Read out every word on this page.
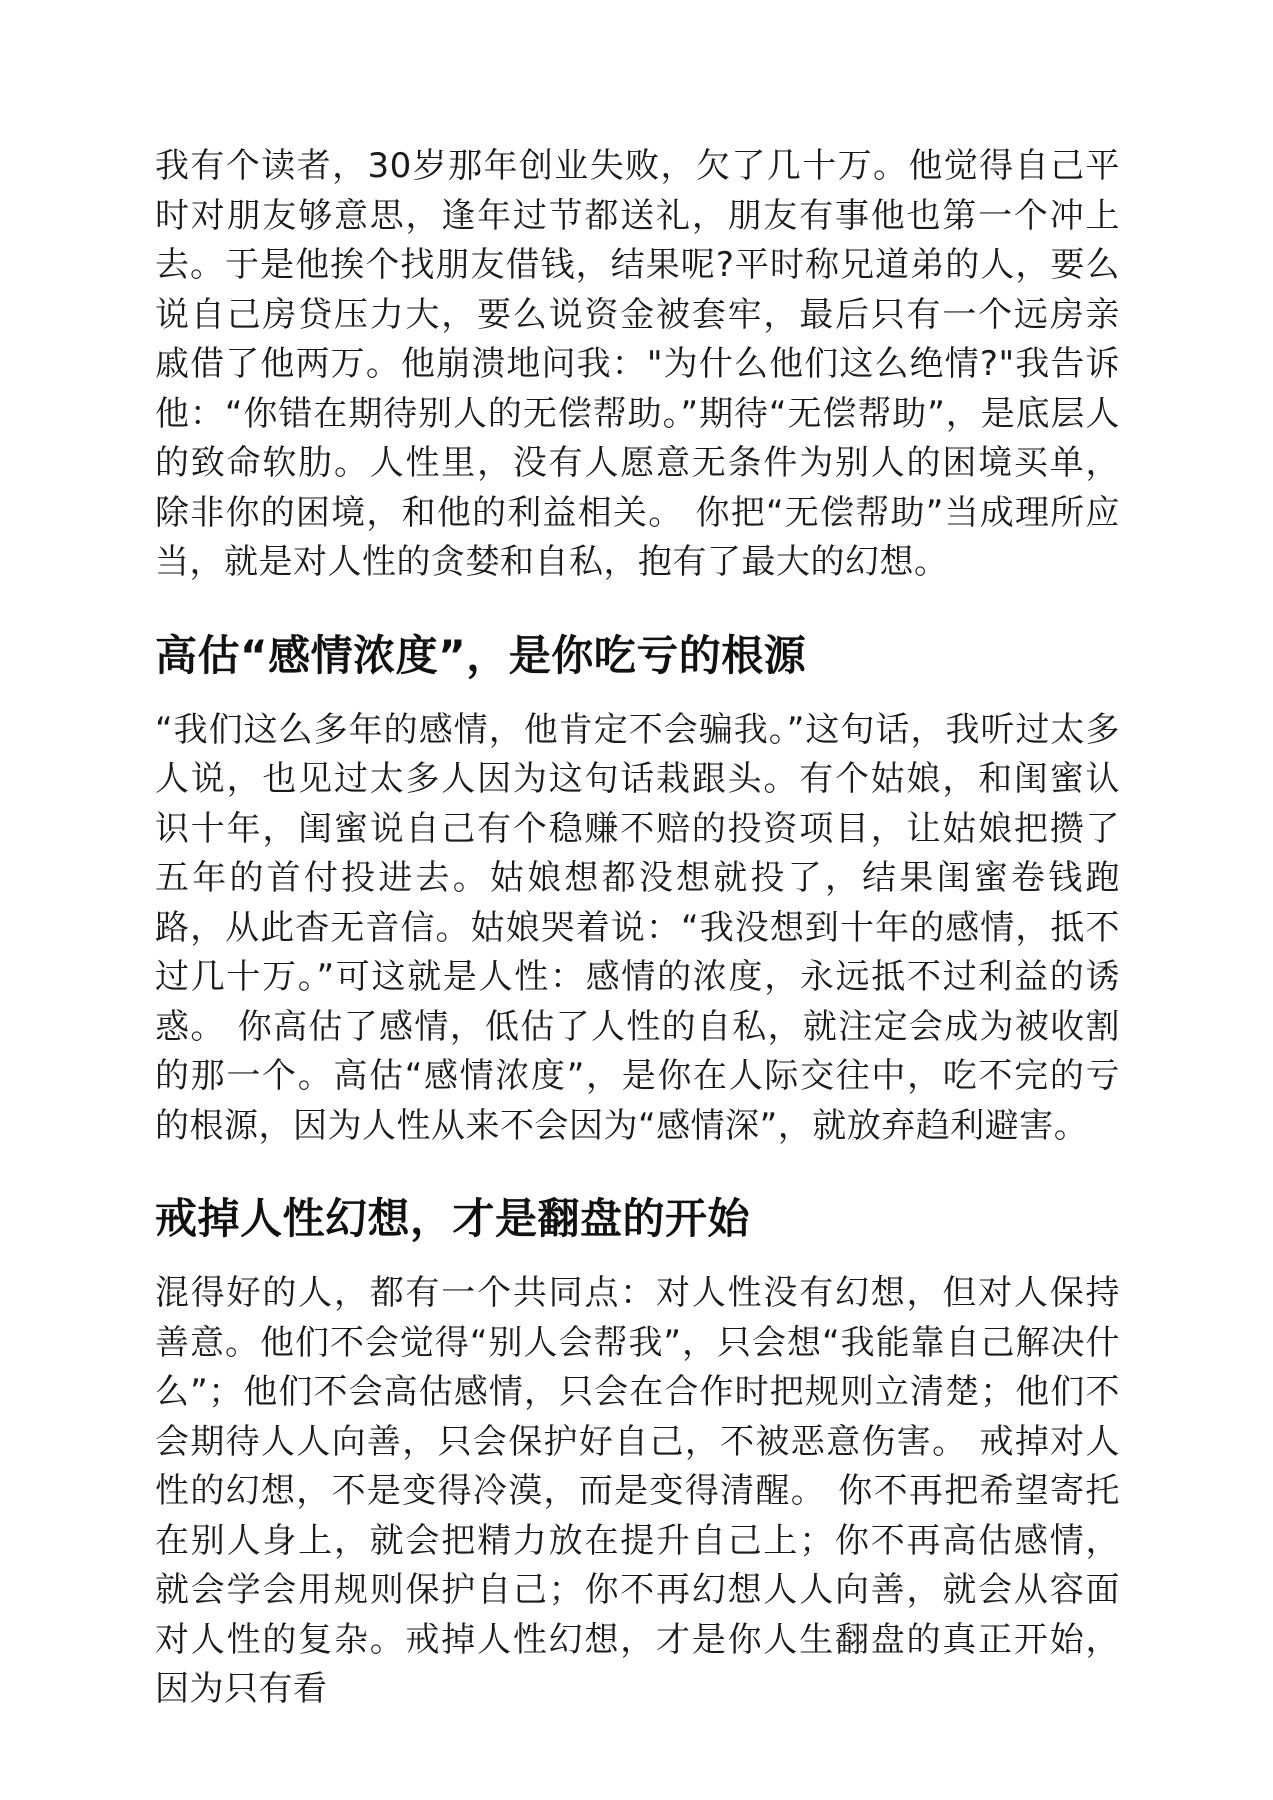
我有个读者，30岁那年创业失败，欠了几十万。他觉得自己平时对朋友够意思，逢年过节都送礼，朋友有事他也第一个冲上去。于是他挨个找朋友借钱，结果呢?平时称兄道弟的人，要么说自己房贷压力大，要么说资金被套牢，最后只有一个远房亲戚借了他两万。他崩溃地问我："为什么他们这么绝情?"我告诉他：“你错在期待别人的无偿帮助。”期待“无偿帮助”，是底层人的致命软肋。人性里，没有人愿意无条件为别人的困境买单，除非你的困境，和他的利益相关。 你把“无偿帮助”当成理所应当，就是对人性的贪婪和自私，抱有了最大的幻想。

高估“感情浓度”，是你吃亏的根源

“我们这么多年的感情，他肯定不会骗我。”这句话，我听过太多人说，也见过太多人因为这句话栽跟头。有个姑娘，和闺蜜认识十年，闺蜜说自己有个稳赚不赔的投资项目，让姑娘把攒了五年的首付投进去。姑娘想都没想就投了，结果闺蜜卷钱跑路，从此杳无音信。姑娘哭着说：“我没想到十年的感情，抵不过几十万。”可这就是人性：感情的浓度，永远抵不过利益的诱惑。 你高估了感情，低估了人性的自私，就注定会成为被收割的那一个。高估“感情浓度”，是你在人际交往中，吃不完的亏的根源，因为人性从来不会因为“感情深”，就放弃趋利避害。

戒掉人性幻想，才是翻盘的开始

混得好的人，都有一个共同点：对人性没有幻想，但对人保持善意。他们不会觉得“别人会帮我”，只会想“我能靠自己解决什么”；他们不会高估感情，只会在合作时把规则立清楚；他们不会期待人人向善，只会保护好自己，不被恶意伤害。 戒掉对人性的幻想，不是变得冷漠，而是变得清醒。 你不再把希望寄托在别人身上，就会把精力放在提升自己上；你不再高估感情，就会学会用规则保护自己；你不再幻想人人向善，就会从容面对人性的复杂。戒掉人性幻想，才是你人生翻盘的真正开始，因为只有看
